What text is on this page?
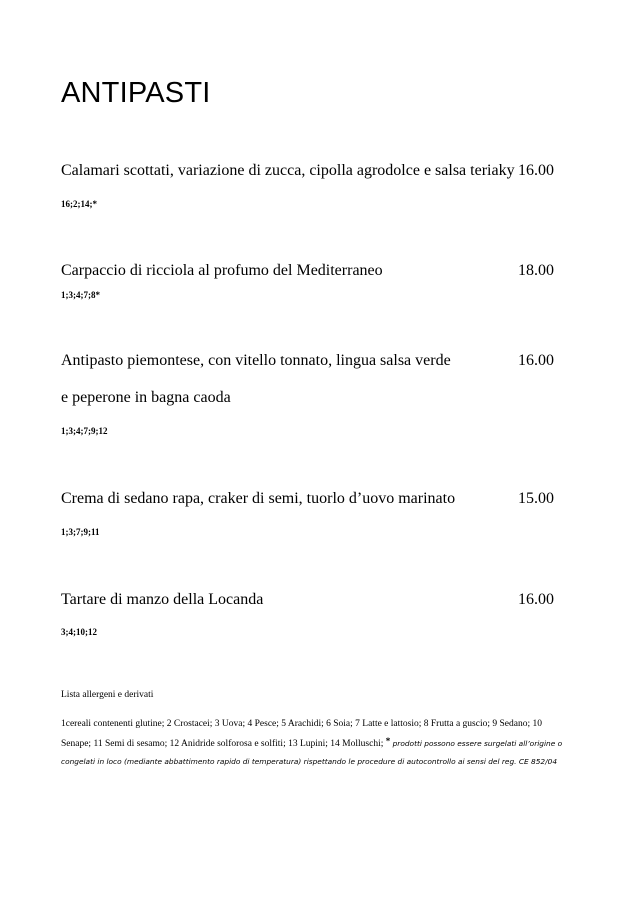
ANTIPASTI
Calamari scottati, variazione di zucca, cipolla agrodolce e salsa teriaky 16.00
16;2;14;*
Carpaccio di ricciola al profumo del Mediterraneo	18.00
1;3;4;7;8*
Antipasto piemontese, con vitello tonnato, lingua salsa verde	16.00
e peperone in bagna caoda
1;3;4;7;9;12
Crema di sedano rapa, craker di semi, tuorlo d’uovo marinato	15.00
1;3;7;9;11
Tartare di manzo della Locanda	16.00
3;4;10;12
Lista allergeni e derivati

1cereali contenenti glutine; 2 Crostacei; 3 Uova; 4 Pesce; 5 Arachidi; 6 Soia; 7 Latte e lattosio; 8 Frutta a guscio; 9 Sedano; 10 Senape; 11 Semi di sesamo; 12 Anidride solforosa e solfiti; 13 Lupini; 14 Molluschi; * prodotti possono essere surgelati all’origine o congelati in loco (mediante abbattimento rapido di temperatura) rispettando le procedure di autocontrollo ai sensi del reg. CE 852/04
